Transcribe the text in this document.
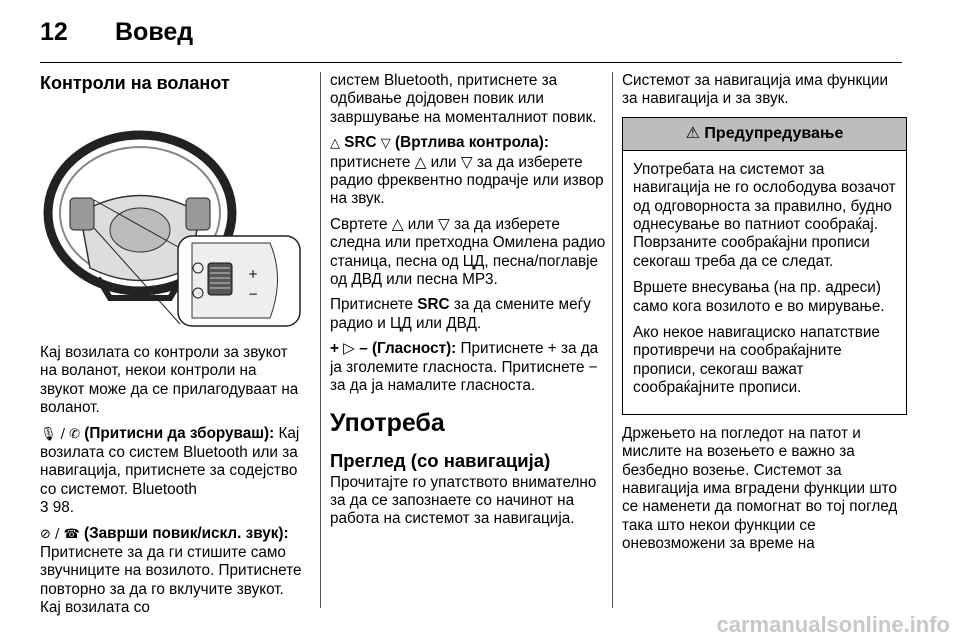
12 Вовед
Контроли на воланот
+
−

Кај возилата со контроли за звукот на воланот, некои контроли на звукот може да се прилагодуваат на воланот.

🎙 / ✆ (Притисни да зборуваш): Кај возилата со систем Bluetooth или за навигација, притиснете за содејство со системот. Bluetooth
3 98.

⊘ / ☎ (Заврши повик/искл. звук):
Притиснете за да ги стишите само звучниците на возилото. Притиснете повторно за да го вклучите звукот. Кај возилата со

систем Bluetooth, притиснете за одбивање дојдовен повик или завршување на моменталниот повик.

△ SRC ▽ (Вртлива контрола):
притиснете △ или ▽ за да изберете радио фреквентно подрачје или извор на звук.

Свртете △ или ▽ за да изберете следна или претходна Омилена радио станица, песна од ЦД, песна/поглавје од ДВД или песна MP3.

Притиснете SRC за да смените меѓу радио и ЦД или ДВД.

+ ▷ – (Гласност): Притиснете + за да ја зголемите гласноста. Притиснете − за да ја намалите гласноста.

Употреба
Преглед (со навигација)

Прочитајте го упатството внимателно за да се запознаете со начинот на работа на системот за навигација.

Системот за навигација има функции за навигација и за звук.

⚠ Предупредување

Употребата на системот за навигација не го ослободува возачот од одговорноста за правилно, будно однесување во патниот сообраќај. Поврзаните сообраќајни прописи секогаш треба да се следат.

Вршете внесувања (на пр. адреси) само кога возилото е во мирување.

Ако некое навигациско напатствие противречи на сообраќајните прописи, секогаш важат сообраќајните прописи.

Држењето на погледот на патот и мислите на возењето е важно за безбедно возење. Системот за навигација има вградени функции што се наменети да помогнат во тој поглед така што некои функции се оневозможени за време на

carmanualsonline.info
